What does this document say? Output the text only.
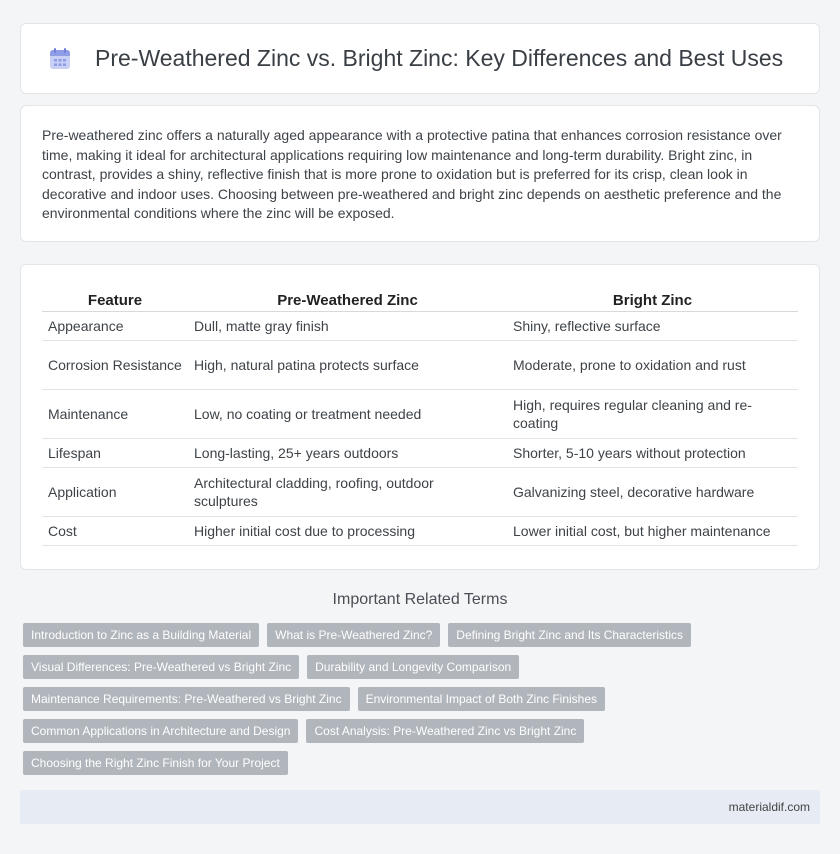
Pre-Weathered Zinc vs. Bright Zinc: Key Differences and Best Uses

Pre-weathered zinc offers a naturally aged appearance with a protective patina that enhances corrosion resistance over time, making it ideal for architectural applications requiring low maintenance and long-term durability. Bright zinc, in contrast, provides a shiny, reflective finish that is more prone to oxidation but is preferred for its crisp, clean look in decorative and indoor uses. Choosing between pre-weathered and bright zinc depends on aesthetic preference and the environmental conditions where the zinc will be exposed.

Feature	Pre-Weathered Zinc	Bright Zinc
Appearance	Dull, matte gray finish	Shiny, reflective surface
Corrosion Resistance	High, natural patina protects surface	Moderate, prone to oxidation and rust
Maintenance	Low, no coating or treatment needed	High, requires regular cleaning and re-coating
Lifespan	Long-lasting, 25+ years outdoors	Shorter, 5-10 years without protection
Application	Architectural cladding, roofing, outdoor sculptures	Galvanizing steel, decorative hardware
Cost	Higher initial cost due to processing	Lower initial cost, but higher maintenance
Important Related Terms
Introduction to Zinc as a Building Material	What is Pre-Weathered Zinc?	Defining Bright Zinc and Its Characteristics
Visual Differences: Pre-Weathered vs Bright Zinc	Durability and Longevity Comparison
Maintenance Requirements: Pre-Weathered vs Bright Zinc	Environmental Impact of Both Zinc Finishes
Common Applications in Architecture and Design	Cost Analysis: Pre-Weathered Zinc vs Bright Zinc
Choosing the Right Zinc Finish for Your Project
materialdif.com
